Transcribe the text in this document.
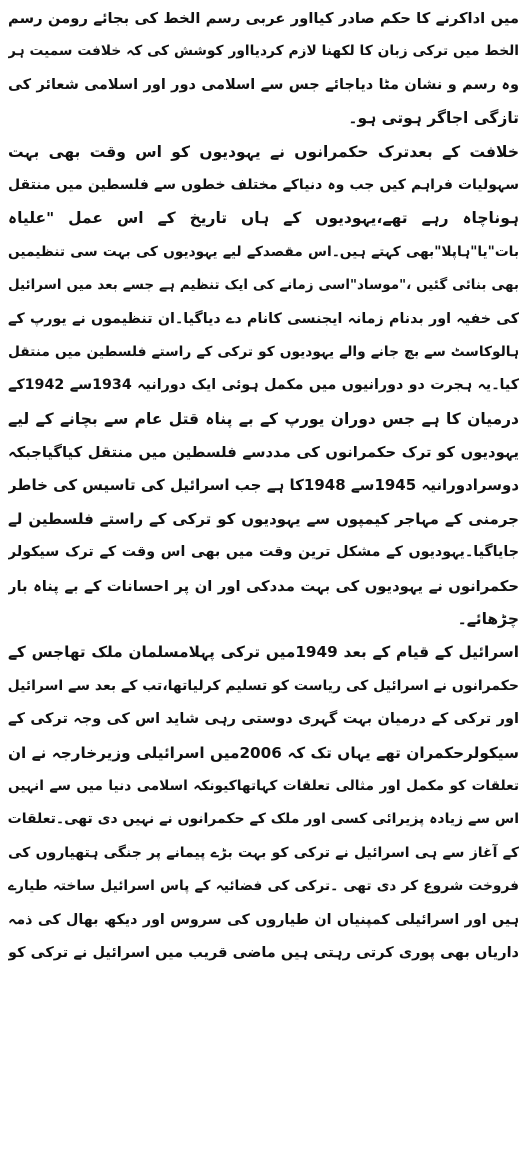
میں اداکرنے کا حکم صادر کیااور عربی رسم الخط کی بجائے رومن رسم
الخط میں ترکی زبان کا لکھنا لازم کردیااور کوشش کی کہ خلافت سمیت ہر
وہ رسم و نشان مٹا دیاجائے جس سے اسلامی دور اور اسلامی شعائر کی
تازگی اجاگر ہوتی ہو۔
خلافت کے بعدترک حکمرانوں نے یہودیوں کو اس وقت بھی بہت
سہولیات فراہم کیں جب وہ دنیاکے مختلف خطوں سے فلسطین میں منتقل
ہوناچاہ رہے تھے،یہودیوں کے ہاں تاریخ کے اس عمل "علیاہ
بات"یا"ہاپلا"بھی کہتے ہیں۔اس مقصدکے لیے یہودیوں کی بہت سی تنظیمیں
بھی بنائی گئیں ،"موساد"اسی زمانے کی ایک تنظیم ہے جسے بعد میں اسرائیل
کی خفیہ اور بدنام زمانہ ایجنسی کانام دے دیاگیا۔ان تنظیموں نے یورپ کے
ہالوکاسٹ سے بچ جانے والے یہودیوں کو ترکی کے راستے فلسطین میں منتقل
کیا۔یہ ہجرت دو دورانیوں میں مکمل ہوئی ایک دورانیہ 1934سے 1942کے
درمیان کا ہے جس دوران یورپ کے بے پناہ قتل عام سے بچانے کے لیے
یہودیوں کو ترک حکمرانوں کی مددسے فلسطین میں منتقل کیاگیاجبکہ
دوسرادورانیہ 1945سے 1948کا ہے جب اسرائیل کی تاسیس کی خاطر
جرمنی کے مہاجر کیمپوں سے یہودیوں کو ترکی کے راستے فلسطین لے
جایاگیا۔یہودیوں کے مشکل ترین وقت میں بھی اس وقت کے ترک سیکولر
حکمرانوں نے یہودیوں کی بہت مددکی اور ان پر احسانات کے بے پناہ بار
چڑھائے۔
اسرائیل کے قیام کے بعد 1949میں ترکی پہلامسلمان ملک تھاجس کے
حکمرانوں نے اسرائیل کی ریاست کو تسلیم کرلیاتھا،تب کے بعد سے اسرائیل
اور ترکی کے درمیان بہت گہری دوستی رہی شاید اس کی وجہ ترکی کے
سیکولرحکمران تھے یہاں تک کہ 2006میں اسرائیلی وزیرخارجہ نے ان
تعلقات کو مکمل اور مثالی تعلقات کہاتھاکیونکہ اسلامی دنیا میں سے انہیں
اس سے زیادہ پزیرائی کسی اور ملک کے حکمرانوں نے نہیں دی تھی۔تعلقات
کے آغاز سے ہی اسرائیل نے ترکی کو بہت بڑے پیمانے پر جنگی ہتھیاروں کی
فروخت شروع کر دی تھی ۔ترکی کی فضائیہ کے پاس اسرائیل ساختہ طیارے
ہیں اور اسرائیلی کمپنیاں ان طیاروں کی سروس اور دیکھ بھال کی ذمہ
داریاں بھی پوری کرتی رہتی ہیں ماضی قریب میں اسرائیل نے ترکی کو
